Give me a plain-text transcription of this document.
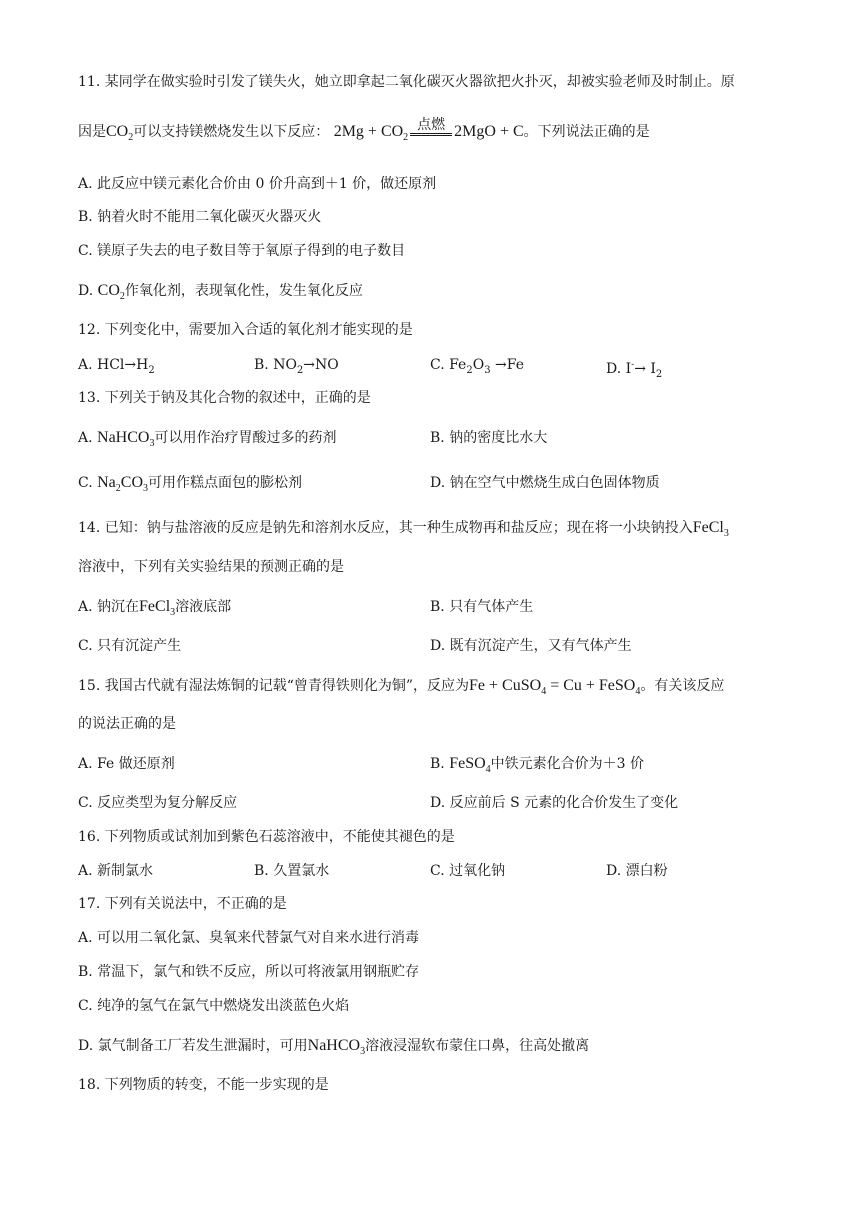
11. 某同学在做实验时引发了镁失火，她立即拿起二氧化碳灭火器欲把火扑灭，却被实验老师及时制止。原
因是$CO_2$可以支持镁燃烧发生以下反应： $2Mg + CO_2$
点燃 2MgO + C。下列说法正确的是
A. 此反应中镁元素化合价由 0 价升高到＋1 价，做还原剂
B. 钠着火时不能用二氧化碳灭火器灭火
C. 镁原子失去的电子数目等于氧原子得到的电子数目
D. $CO_2$作氧化剂，表现氧化性，发生氧化反应
12. 下列变化中，需要加入合适的氧化剂才能实现的是
A. $HCl\to H_2$	B. $NO_2\to NO$	C. $Fe_2O_3 \to Fe$	D. $I^-\to I_2$
13. 下列关于钠及其化合物的叙述中，正确的是
A. NaHCO$_3$可以用作治疗胃酸过多的药剂	B. 钠的密度比水大
C. $Na_2CO_3$可用作糕点面包的膨松剂	D. 钠在空气中燃烧生成白色固体物质
14. 已知：钠与盐溶液的反应是钠先和溶剂水反应，其一种生成物再和盐反应；现在将一小块钠投入FeCl$_3$
溶液中，下列有关实验结果的预测正确的是
A. 钠沉在FeCl$_3$溶液底部	B. 只有气体产生
C. 只有沉淀产生	D. 既有沉淀产生，又有气体产生
15. 我国古代就有湿法炼铜的记载“曾青得铁则化为铜”，反应为Fe + CuSO$_4$ = Cu + FeSO$_4$。有关该反应
的说法正确的是
A. Fe 做还原剂	B. FeSO$_4$中铁元素化合价为＋3 价
C. 反应类型为复分解反应	D. 反应前后 S 元素的化合价发生了变化
16. 下列物质或试剂加到紫色石蕊溶液中，不能使其褪色的是
A. 新制氯水	B. 久置氯水	C. 过氧化钠	D. 漂白粉
17. 下列有关说法中，不正确的是
A. 可以用二氧化氯、臭氧来代替氯气对自来水进行消毒
B. 常温下，氯气和铁不反应，所以可将液氯用钢瓶贮存
C. 纯净的氢气在氯气中燃烧发出淡蓝色火焰
D. 氯气制备工厂若发生泄漏时，可用NaHCO$_3$溶液浸湿软布蒙住口鼻，往高处撤离
18. 下列物质的转变，不能一步实现的是
